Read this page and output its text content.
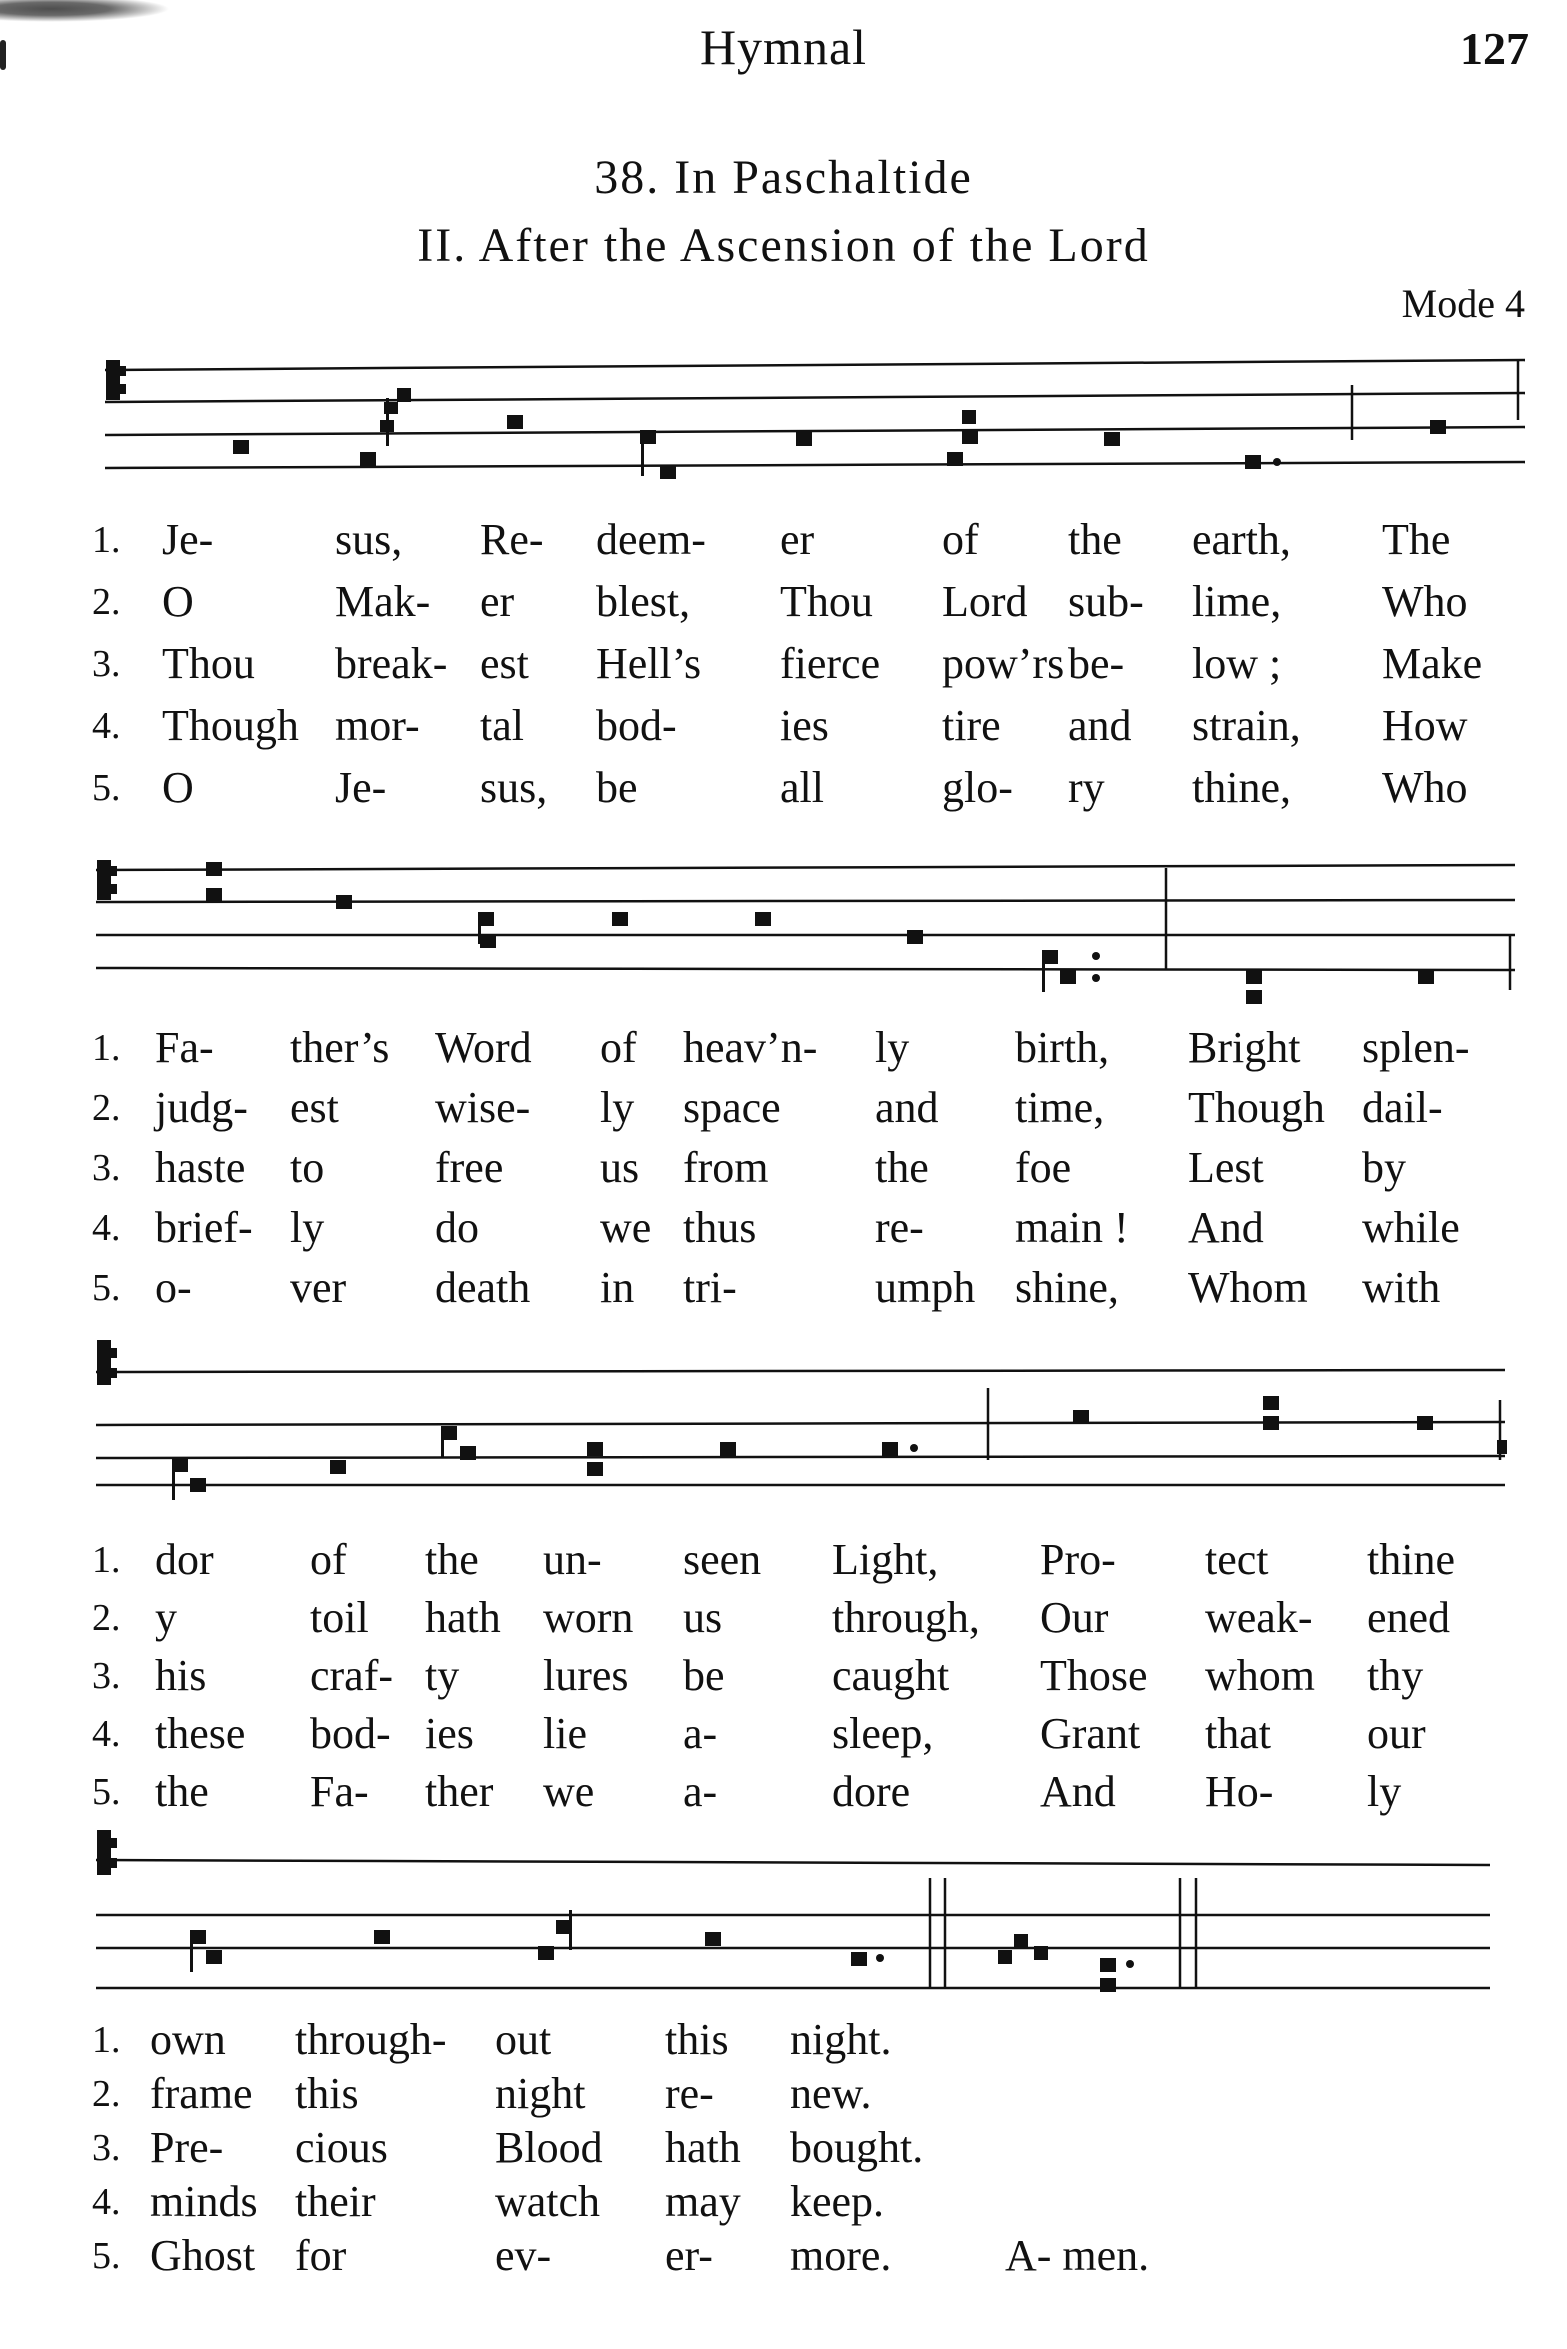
Hymnal	127
38. In Paschaltide
II. After the Ascension of the Lord
Mode 4
1. Je-	sus, Re- deem- er	of the earth, The
2. O	Mak- er blest, Thou Lord sub- lime, Who
3. Thou break- est Hell’s fierce pow’rs be- low ; Make
4. Though mor- tal bod- ies	tire and strain, How
5. O	Je- sus, be	all	glo- ry thine, Who
1. Fa- ther’s Word of heav’n- ly birth, Bright splen-
2. judg- est wise- ly space and time, Though dail-
3. haste to	free us from the foe	Lest by
4. brief- ly	do	we thus	re- main ! And while
5. o- ver death in tri-	umph shine, Whom with
1. dor of the un- seen Light, Pro- tect thine
2. y	toil hath worn us through, Our weak- ened
3. his craf- ty lures be caught Those whom thy
4. these bod- ies lie a-	sleep, Grant that our
5. the Fa- ther we a-	dore	And Ho- ly
1. own through- out	this night.
2. frame this	night re- new.
3. Pre- cious Blood hath bought.
4. minds their	watch may keep.
5. Ghost for	ev-	er- more.	A- men.
